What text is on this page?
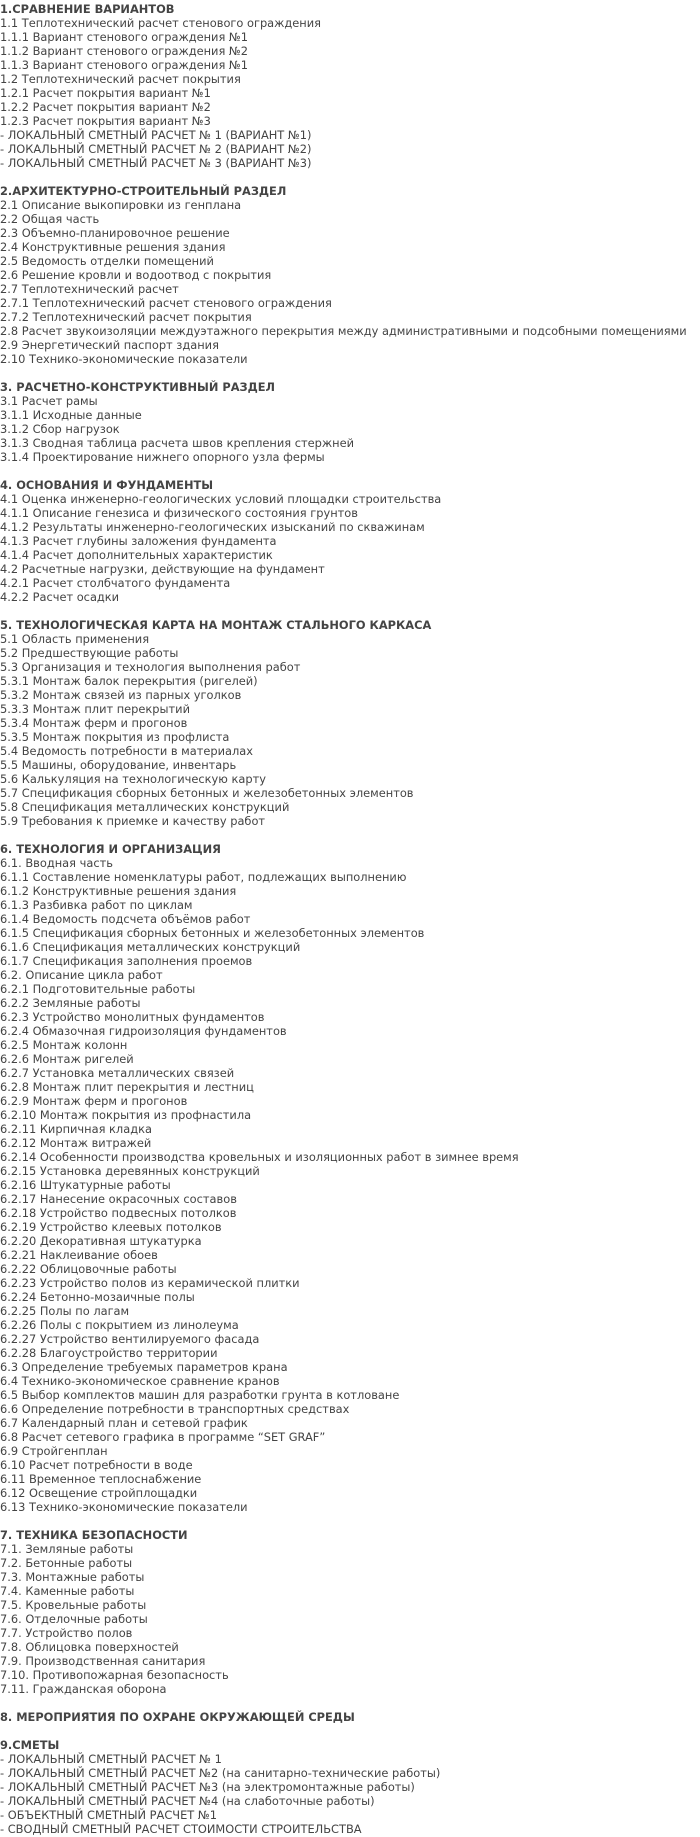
1.СРАВНЕНИЕ ВАРИАНТОВ
1.1 Теплотехнический расчет стенового ограждения
1.1.1 Вариант стенового ограждения №1
1.1.2 Вариант стенового ограждения №2
1.1.3 Вариант стенового ограждения №1
1.2 Теплотехнический расчет покрытия
1.2.1 Расчет покрытия вариант №1
1.2.2 Расчет покрытия вариант №2
1.2.3 Расчет покрытия вариант №3
- ЛОКАЛЬНЫЙ СМЕТНЫЙ РАСЧЕТ № 1 (ВАРИАНТ №1)
- ЛОКАЛЬНЫЙ СМЕТНЫЙ РАСЧЕТ № 2 (ВАРИАНТ №2)
- ЛОКАЛЬНЫЙ СМЕТНЫЙ РАСЧЕТ № 3 (ВАРИАНТ №3)
2.АРХИТЕКТУРНО-СТРОИТЕЛЬНЫЙ РАЗДЕЛ
2.1 Описание выкопировки из генплана
2.2 Общая часть
2.3 Объемно-планировочное решение
2.4 Конструктивные решения здания
2.5 Ведомость отделки помещений
2.6 Решение кровли и водоотвод с покрытия
2.7 Теплотехнический расчет
2.7.1 Теплотехнический расчет стенового ограждения
2.7.2 Теплотехнический расчет покрытия
2.8 Расчет звукоизоляции междуэтажного перекрытия между административными и подсобными помещениями
2.9 Энергетический паспорт здания
2.10 Технико-экономические показатели
3. РАСЧЕТНО-КОНСТРУКТИВНЫЙ РАЗДЕЛ
3.1 Расчет рамы
3.1.1 Исходные данные
3.1.2 Сбор нагрузок
3.1.3 Сводная таблица расчета швов крепления стержней
3.1.4 Проектирование нижнего опорного узла фермы
4. ОСНОВАНИЯ И ФУНДАМЕНТЫ
4.1 Оценка инженерно-геологических условий площадки строительства
4.1.1 Описание генезиса и физического состояния грунтов
4.1.2 Результаты инженерно-геологических изысканий по скважинам
4.1.3 Расчет глубины заложения фундамента
4.1.4 Расчет дополнительных характеристик
4.2 Расчетные нагрузки, действующие на фундамент
4.2.1 Расчет столбчатого фундамента
4.2.2 Расчет осадки
5. ТЕХНОЛОГИЧЕСКАЯ КАРТА НА МОНТАЖ СТАЛЬНОГО КАРКАСА
5.1 Область применения
5.2 Предшествующие работы
5.3 Организация и технология выполнения работ
5.3.1 Монтаж балок перекрытия (ригелей)
5.3.2 Монтаж связей из парных уголков
5.3.3 Монтаж плит перекрытий
5.3.4 Монтаж ферм и прогонов
5.3.5 Монтаж покрытия из профлиста
5.4 Ведомость потребности в материалах
5.5 Машины, оборудование, инвентарь
5.6 Калькуляция на технологическую карту
5.7 Спецификация сборных бетонных и железобетонных элементов
5.8 Спецификация металлических конструкций
5.9 Требования к приемке и качеству работ
6. ТЕХНОЛОГИЯ И ОРГАНИЗАЦИЯ
6.1. Вводная часть
6.1.1 Составление номенклатуры работ, подлежащих выполнению
6.1.2 Конструктивные решения здания
6.1.3 Разбивка работ по циклам
6.1.4 Ведомость подсчета объёмов работ
6.1.5 Спецификация сборных бетонных и железобетонных элементов
6.1.6 Спецификация металлических конструкций
6.1.7 Спецификация заполнения проемов
6.2. Описание цикла работ
6.2.1 Подготовительные работы
6.2.2 Земляные работы
6.2.3 Устройство монолитных фундаментов
6.2.4 Обмазочная гидроизоляция фундаментов
6.2.5 Монтаж колонн
6.2.6 Монтаж ригелей
6.2.7 Установка металлических связей
6.2.8 Монтаж плит перекрытия и лестниц
6.2.9 Монтаж ферм и прогонов
6.2.10 Монтаж покрытия из профнастила
6.2.11 Кирпичная кладка
6.2.12 Монтаж витражей
6.2.14 Особенности производства кровельных и изоляционных работ в зимнее время
6.2.15 Установка деревянных конструкций
6.2.16 Штукатурные работы
6.2.17 Нанесение окрасочных составов
6.2.18 Устройство подвесных потолков
6.2.19 Устройство клеевых потолков
6.2.20 Декоративная штукатурка
6.2.21 Наклеивание обоев
6.2.22 Облицовочные работы
6.2.23 Устройство полов из керамической плитки
6.2.24 Бетонно-мозаичные полы
6.2.25 Полы по лагам
6.2.26 Полы с покрытием из линолеума
6.2.27 Устройство вентилируемого фасада
6.2.28 Благоустройство территории
6.3 Определение требуемых параметров крана
6.4 Технико-экономическое сравнение кранов
6.5 Выбор комплектов машин для разработки грунта в котловане
6.6 Определение потребности в транспортных средствах
6.7 Календарный план и сетевой график
6.8 Расчет сетевого графика в программе “SET GRAF”
6.9 Стройгенплан
6.10 Расчет потребности в воде
6.11 Временное теплоснабжение
6.12 Освещение стройплощадки
6.13 Технико-экономические показатели
7. ТЕХНИКА БЕЗОПАСНОСТИ
7.1. Земляные работы
7.2. Бетонные работы
7.3. Монтажные работы
7.4. Каменные работы
7.5. Кровельные работы
7.6. Отделочные работы
7.7. Устройство полов
7.8. Облицовка поверхностей
7.9. Производственная санитария
7.10. Противопожарная безопасность
7.11. Гражданская оборона
8. МЕРОПРИЯТИЯ ПО ОХРАНЕ ОКРУЖАЮЩЕЙ СРЕДЫ
9.СМЕТЫ
- ЛОКАЛЬНЫЙ СМЕТНЫЙ РАСЧЕТ № 1
- ЛОКАЛЬНЫЙ СМЕТНЫЙ РАСЧЕТ №2 (на санитарно-технические работы)
- ЛОКАЛЬНЫЙ СМЕТНЫЙ РАСЧЕТ №3 (на электромонтажные работы)
- ЛОКАЛЬНЫЙ СМЕТНЫЙ РАСЧЕТ №4 (на слаботочные работы)
- ОБЪЕКТНЫЙ СМЕТНЫЙ РАСЧЕТ №1
- СВОДНЫЙ СМЕТНЫЙ РАСЧЕТ СТОИМОСТИ СТРОИТЕЛЬСТВА
